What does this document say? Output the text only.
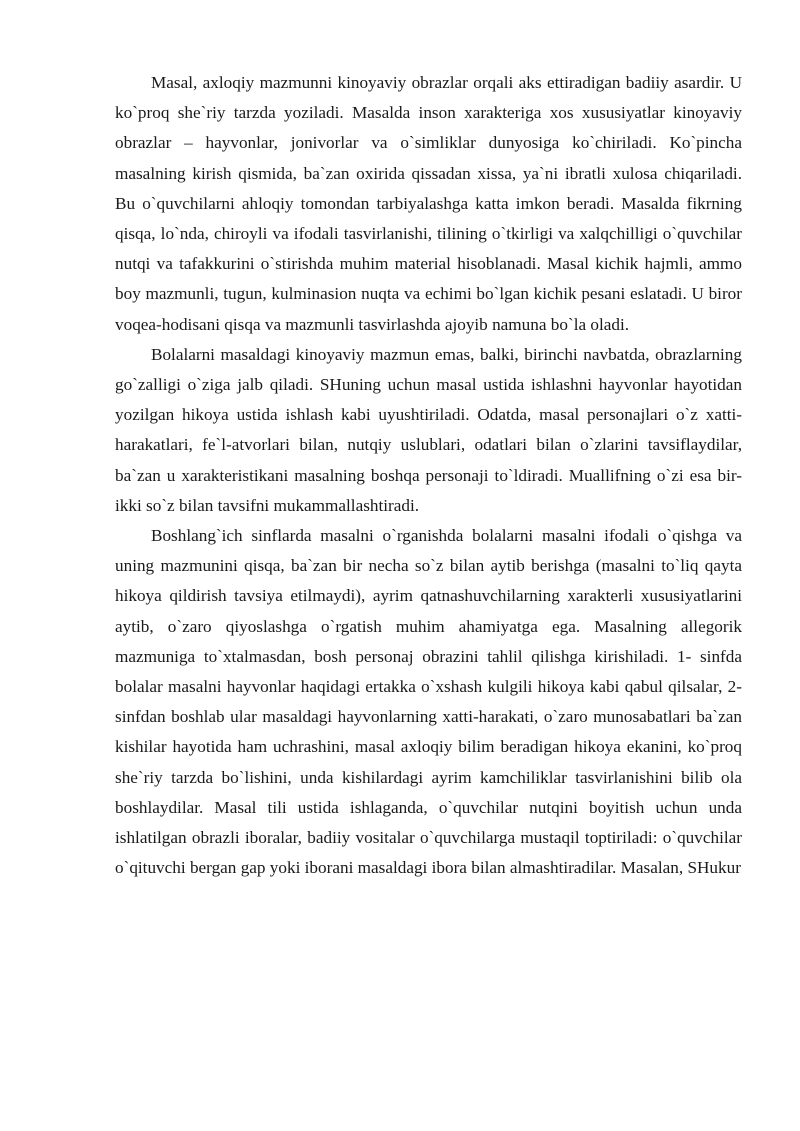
Masal, axloqiy mazmunni kinoyaviy obrazlar orqali aks ettiradigan badiiy asardir. U ko`proq she`riy tarzda yoziladi. Masalda inson xarakteriga xos xususiyatlar kinoyaviy obrazlar – hayvonlar, jonivorlar va o`simliklar dunyosiga ko`chiriladi. Ko`pincha masalning kirish qismida, ba`zan oxirida qissadan xissa, ya`ni ibratli xulosa chiqariladi. Bu o`quvchilarni ahloqiy tomondan tarbiyalashga katta imkon beradi. Masalda fikrning qisqa, lo`nda, chiroyli va ifodali tasvirlanishi, tilining o`tkirligi va xalqchilligi o`quvchilar nutqi va tafakkurini o`stirishda muhim material hisoblanadi. Masal kichik hajmli, ammo boy mazmunli, tugun, kulminasion nuqta va echimi bo`lgan kichik pesani eslatadi. U biror voqea-hodisani qisqa va mazmunli tasvirlashda ajoyib namuna bo`la oladi.

Bolalarni masaldagi kinoyaviy mazmun emas, balki, birinchi navbatda, obrazlarning go`zalligi o`ziga jalb qiladi. SHuning uchun masal ustida ishlashni hayvonlar hayotidan yozilgan hikoya ustida ishlash kabi uyushtiriladi. Odatda, masal personajlari o`z xatti-harakatlari, fe`l-atvorlari bilan, nutqiy uslublari, odatlari bilan o`zlarini tavsiflaydilar, ba`zan u xarakteristikani masalning boshqa personaji to`ldiradi. Muallifning o`zi esa bir-ikki so`z bilan tavsifni mukammallashtiradi.

Boshlang`ich sinflarda masalni o`rganishda bolalarni masalni ifodali o`qishga va uning mazmunini qisqa, ba`zan bir necha so`z bilan aytib berishga (masalni to`liq qayta hikoya qildirish tavsiya etilmaydi), ayrim qatnashuvchilarning xarakterli xususiyatlarini aytib, o`zaro qiyoslashga o`rgatish muhim ahamiyatga ega. Masalning allegorik mazmuniga to`xtalmasdan, bosh personaj obrazini tahlil qilishga kirishiladi. 1- sinfda bolalar masalni hayvonlar haqidagi ertakka o`xshash kulgili hikoya kabi qabul qilsalar, 2- sinfdan boshlab ular masaldagi hayvonlarning xatti-harakati, o`zaro munosabatlari ba`zan kishilar hayotida ham uchrashini, masal axloqiy bilim beradigan hikoya ekanini, ko`proq she`riy tarzda bo`lishini, unda kishilardagi ayrim kamchiliklar tasvirlanishini bilib ola boshlaydilar. Masal tili ustida ishlaganda, o`quvchilar nutqini boyitish uchun unda ishlatilgan obrazli iboralar, badiiy vositalar o`quvchilarga mustaqil toptiriladi: o`quvchilar o`qituvchi bergan gap yoki iborani masaldagi ibora bilan almashtiradilar. Masalan, SHukur
